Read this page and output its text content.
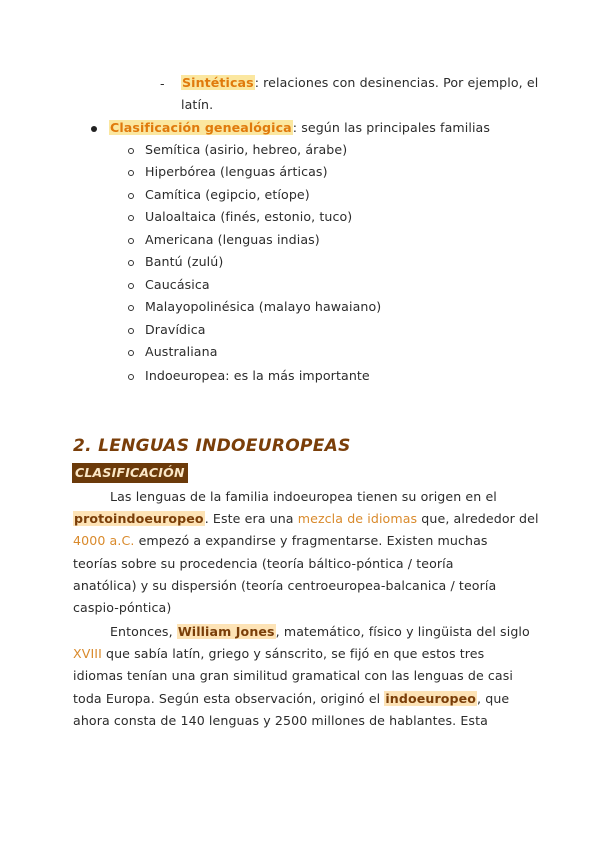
- Sintéticas: relaciones con desinencias. Por ejemplo, el
latín.
Clasificación genealógica: según las principales familias
Semítica (asirio, hebreo, árabe)
Hiperbórea (lenguas árticas)
Camítica (egipcio, etíope)
Ualoaltaica (finés, estonio, tuco)
Americana (lenguas indias)
Bantú (zulú)
Caucásica
Malayopolinésica (malayo hawaiano)
Dravídica
Australiana
Indoeuropea: es la más importante
2. LENGUAS INDOEUROPEAS
CLASIFICACIÓN
Las lenguas de la familia indoeuropea tienen su origen en el
protoindoeuropeo. Este era una mezcla de idiomas que, alrededor del
4000 a.C. empezó a expandirse y fragmentarse. Existen muchas
teorías sobre su procedencia (teoría báltico-póntica / teoría
anatólica) y su dispersión (teoría centroeuropea-balcanica / teoría
caspio-póntica)
Entonces, William Jones, matemático, físico y lingüista del siglo
XVIII que sabía latín, griego y sánscrito, se fijó en que estos tres
idiomas tenían una gran similitud gramatical con las lenguas de casi
toda Europa. Según esta observación, originó el indoeuropeo, que
ahora consta de 140 lenguas y 2500 millones de hablantes. Esta
